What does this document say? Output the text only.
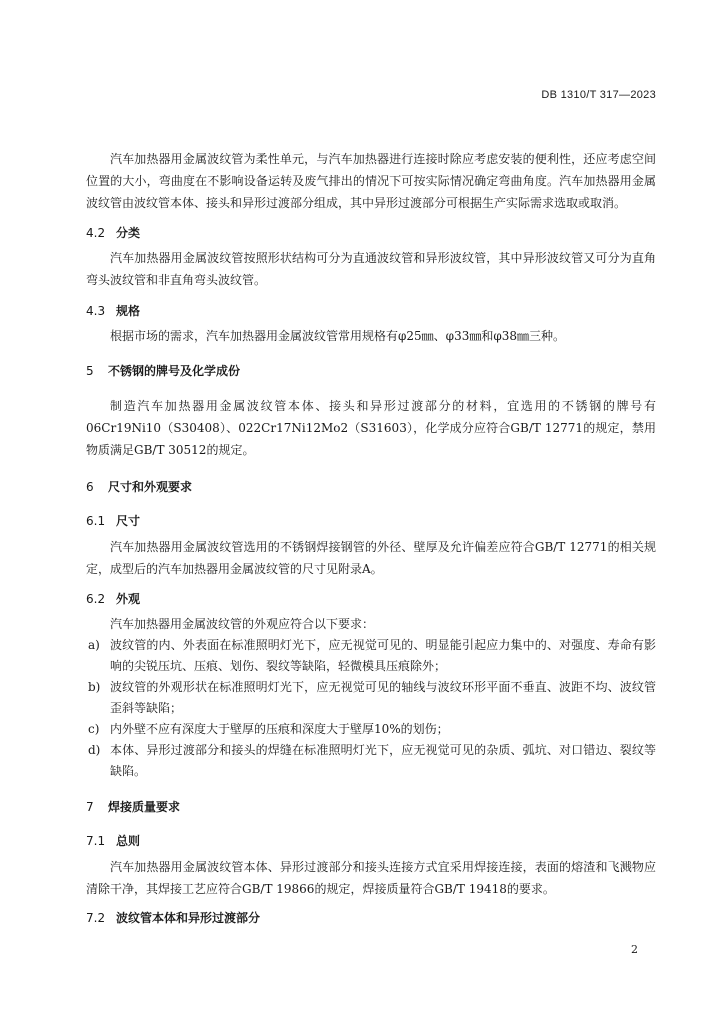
DB 1310/T 317—2023

汽车加热器用金属波纹管为柔性单元，与汽车加热器进行连接时除应考虑安装的便利性，还应考虑空间位置的大小，弯曲度在不影响设备运转及废气排出的情况下可按实际情况确定弯曲角度。汽车加热器用金属波纹管由波纹管本体、接头和异形过渡部分组成，其中异形过渡部分可根据生产实际需求选取或取消。

4.2 分类

汽车加热器用金属波纹管按照形状结构可分为直通波纹管和异形波纹管，其中异形波纹管又可分为直角弯头波纹管和非直角弯头波纹管。

4.3 规格

根据市场的需求，汽车加热器用金属波纹管常用规格有φ25㎜、φ33㎜和φ38㎜三种。

5 不锈钢的牌号及化学成份

制造汽车加热器用金属波纹管本体、接头和异形过渡部分的材料，宜选用的不锈钢的牌号有06Cr19Ni10（S30408）、022Cr17Ni12Mo2（S31603），化学成分应符合GB/T 12771的规定，禁用物质满足GB/T 30512的规定。

6 尺寸和外观要求
6.1 尺寸

汽车加热器用金属波纹管选用的不锈钢焊接钢管的外径、壁厚及允许偏差应符合GB/T 12771的相关规定，成型后的汽车加热器用金属波纹管的尺寸见附录A。

6.2 外观

汽车加热器用金属波纹管的外观应符合以下要求：

a) 波纹管的内、外表面在标准照明灯光下，应无视觉可见的、明显能引起应力集中的、对强度、寿命有影响的尖锐压坑、压痕、划伤、裂纹等缺陷，轻微模具压痕除外；
b) 波纹管的外观形状在标准照明灯光下，应无视觉可见的轴线与波纹环形平面不垂直、波距不均、波纹管歪斜等缺陷；
c) 内外壁不应有深度大于壁厚的压痕和深度大于壁厚10%的划伤；
d) 本体、异形过渡部分和接头的焊缝在标准照明灯光下，应无视觉可见的杂质、弧坑、对口错边、裂纹等缺陷。
7 焊接质量要求
7.1 总则

汽车加热器用金属波纹管本体、异形过渡部分和接头连接方式宜采用焊接连接，表面的熔渣和飞溅物应清除干净，其焊接工艺应符合GB/T 19866的规定，焊接质量符合GB/T 19418的要求。

7.2 波纹管本体和异形过渡部分
2
